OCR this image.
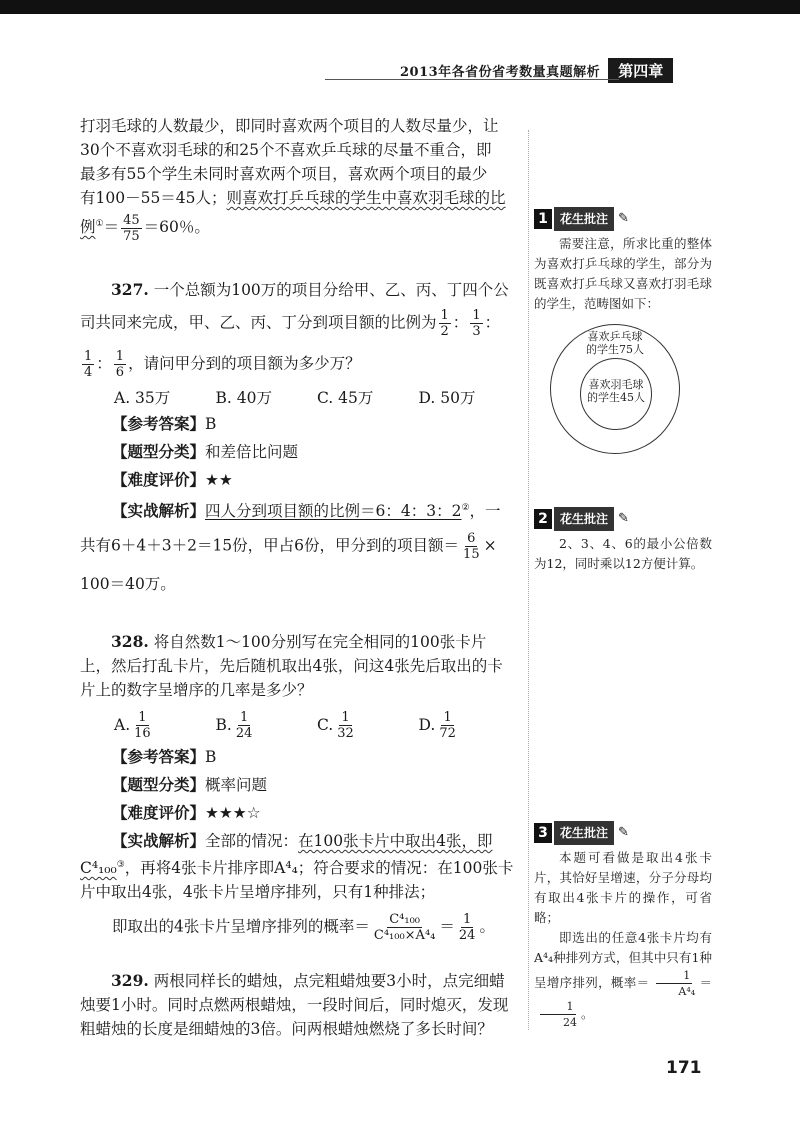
2013年各省份省考数量真题解析	第四章

打羽毛球的人数最少，即同时喜欢两个项目的人数尽量少，让

30个不喜欢羽毛球的和25个不喜欢乒乓球的尽量不重合，即

最多有55个学生未同时喜欢两个项目，喜欢两个项目的最少

有100－55＝45人；则喜欢打乒乓球的学生中喜欢羽毛球的比

例$^①= \frac{45}{75} =60$％。

327. 一个总额为100万的项目分给甲、乙、丙、丁四个公

司共同来完成，甲、乙、丙、丁分到项目额的比例为 $\frac{1}{2}$ ： $\frac{1}{3}$ ：

$\frac{1}{4}$ ： $\frac{1}{6}$ ，请问甲分到的项目额为多少万？

A. 35万	B. 40万	C. 45万	D. 50万

【参考答案】B

【题型分类】和差倍比问题

【难度评价】★★

【实战解析】四人分到项目额的比例＝6：4：3：2②，一

共有6＋4＋3＋2＝15份，甲占6份，甲分到的项目额＝ $\frac{6}{15}$ ×

100＝40万。

328. 将自然数1～100分别写在完全相同的100张卡片

上，然后打乱卡片，先后随机取出4张，问这4张先后取出的卡

片上的数字呈增序的几率是多少？

A. $\frac{1}{16}$	B. $\frac{1}{24}$	C. $\frac{1}{32}$	D. $\frac{1}{72}$

【参考答案】B

【题型分类】概率问题

【难度评价】★★★☆

【实战解析】全部的情况：在100张卡片中取出4张，即

C⁴₁₀₀③，再将4张卡片排序即A⁴₄；符合要求的情况：在100张卡

片中取出4张，4张卡片呈增序排列，只有1种排法；

即取出的4张卡片呈增序排列的概率＝ $\frac{\text{C⁴₁₀₀}}{\text{C⁴₁₀₀×A⁴₄}} = \frac{1}{24}$ 。

329. 两根同样长的蜡烛，点完粗蜡烛要3小时，点完细蜡

烛要1小时。同时点燃两根蜡烛，一段时间后，同时熄灭，发现

粗蜡烛的长度是细蜡烛的3倍。问两根蜡烛燃烧了多长时间？

1	花生批注 ✎

需要注意，所求比重的整体为喜欢打乒乓球的学生，部分为既喜欢打乒乓球又喜欢打羽毛球的学生，范畴图如下：

喜欢乒乓球
的学生75人
喜欢羽毛球
的学生45人
2	花生批注 ✎

2、3、4、6的最小公倍数为12，同时乘以12方便计算。

3	花生批注 ✎

本题可看做是取出4张卡片，其恰好呈增速，分子分母均有取出4张卡片的操作，可省略；

即选出的任意4张卡片均有A⁴₄种排列方式，但其中只有1种呈增序排列，概率＝ $\frac{1}{\text{A⁴₄}}$ ＝
$\frac{1}{24}$ 。

171
